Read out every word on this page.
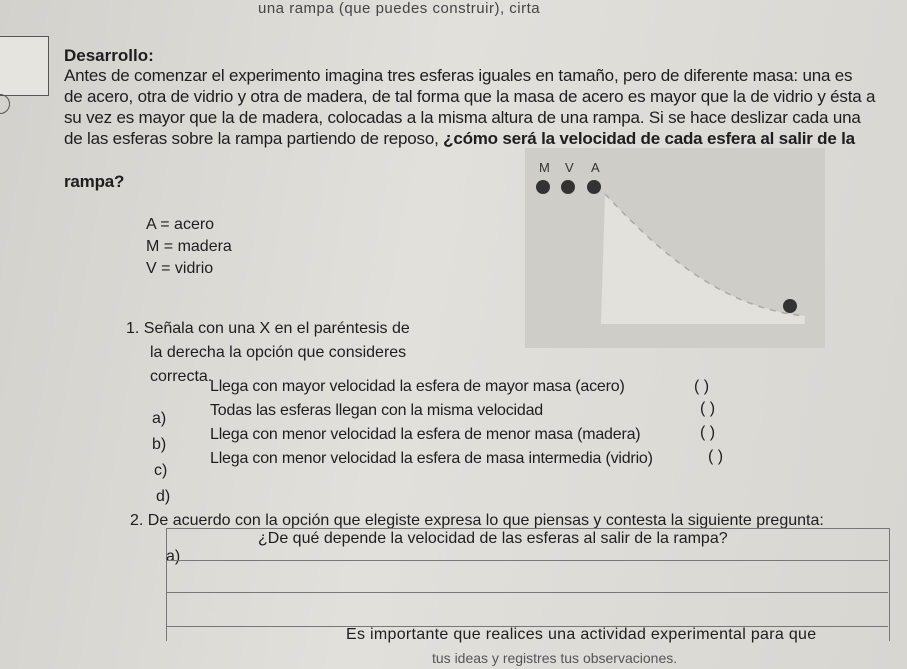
una rampa (que puedes construir), cirta
Desarrollo:
Antes de comenzar el experimento imagina tres esferas iguales en tamaño, pero de diferente masa: una es
de acero, otra de vidrio y otra de madera, de tal forma que la masa de acero es mayor que la de vidrio y ésta a
su vez es mayor que la de madera, colocadas a la misma altura de una rampa. Si se hace deslizar cada una
de las esferas sobre la rampa partiendo de reposo, ¿cómo será la velocidad de cada esfera al salir de la
rampa?
A = acero
M = madera
V = vidrio
M V A
1. Señala con una X en el paréntesis de
la derecha la opción que consideres
correcta.
a)
Llega con mayor velocidad la esfera de mayor masa (acero)	( )
b)
Todas las esferas llegan con la misma velocidad	( )
c)
Llega con menor velocidad la esfera de menor masa (madera)	( )
d)
Llega con menor velocidad la esfera de masa intermedia (vidrio)	( )
2. De acuerdo con la opción que elegiste expresa lo que piensas y contesta la siguiente pregunta:
a)
¿De qué depende la velocidad de las esferas al salir de la rampa?
Es importante que realices una actividad experimental para que
tus ideas y registres tus observaciones.
